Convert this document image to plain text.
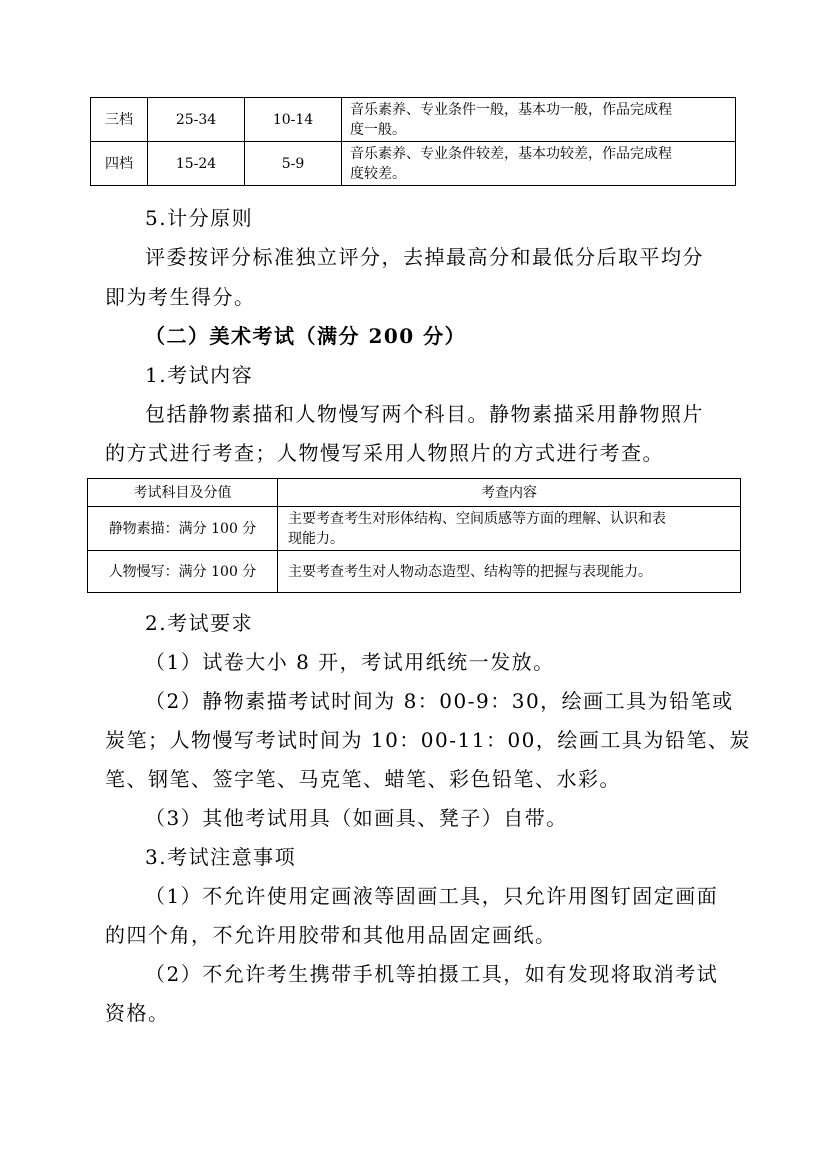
三档	25-34	10-14	音乐素养、专业条件一般，基本功一般，作品完成程
度一般。

四档	15-24	5-9	音乐素养、专业条件较差，基本功较差，作品完成程
度较差。
5.计分原则
评委按评分标准独立评分，去掉最高分和最低分后取平均分
即为考生得分。
（二）美术考试（满分 200 分）
1.考试内容
包括静物素描和人物慢写两个科目。静物素描采用静物照片
的方式进行考查；人物慢写采用人物照片的方式进行考查。
考试科目及分值	考查内容
静物素描：满分 100 分	主要考查考生对形体结构、空间质感等方面的理解、认识和表
现能力。

人物慢写：满分 100 分	主要考查考生对人物动态造型、结构等的把握与表现能力。
2.考试要求
（1）试卷大小 8 开，考试用纸统一发放。
（2）静物素描考试时间为 8：00-9：30，绘画工具为铅笔或
炭笔；人物慢写考试时间为 10：00-11：00，绘画工具为铅笔、炭
笔、钢笔、签字笔、马克笔、蜡笔、彩色铅笔、水彩。
（3）其他考试用具（如画具、凳子）自带。
3.考试注意事项
（1）不允许使用定画液等固画工具，只允许用图钉固定画面
的四个角，不允许用胶带和其他用品固定画纸。
（2）不允许考生携带手机等拍摄工具，如有发现将取消考试
资格。
